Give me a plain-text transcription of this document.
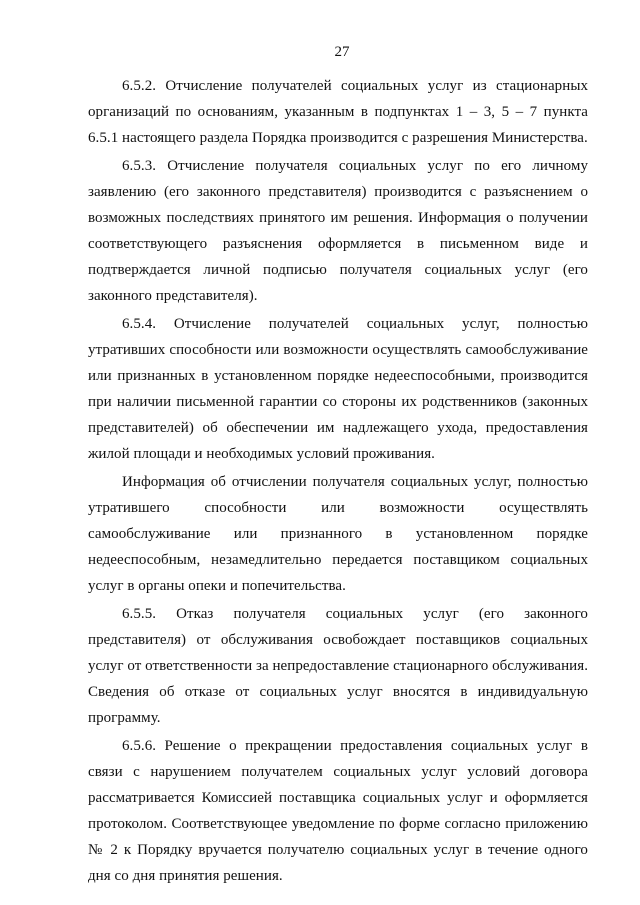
27

6.5.2. Отчисление получателей социальных услуг из стационарных организаций по основаниям, указанным в подпунктах 1 – 3, 5 – 7 пункта 6.5.1 настоящего раздела Порядка производится с разрешения Министерства.

6.5.3. Отчисление получателя социальных услуг по его личному заявлению (его законного представителя) производится с разъяснением о возможных последствиях принятого им решения. Информация о получении соответствующего разъяснения оформляется в письменном виде и подтверждается личной подписью получателя социальных услуг (его законного представителя).

6.5.4. Отчисление получателей социальных услуг, полностью утративших способности или возможности осуществлять самообслуживание или признанных в установленном порядке недееспособными, производится при наличии письменной гарантии со стороны их родственников (законных представителей) об обеспечении им надлежащего ухода, предоставления жилой площади и необходимых условий проживания.

Информация об отчислении получателя социальных услуг, полностью утратившего способности или возможности осуществлять самообслуживание или признанного в установленном порядке недееспособным, незамедлительно передается поставщиком социальных услуг в органы опеки и попечительства.

6.5.5. Отказ получателя социальных услуг (его законного представителя) от обслуживания освобождает поставщиков социальных услуг от ответственности за непредоставление стационарного обслуживания. Сведения об отказе от социальных услуг вносятся в индивидуальную программу.

6.5.6. Решение о прекращении предоставления социальных услуг в связи с нарушением получателем социальных услуг условий договора рассматривается Комиссией поставщика социальных услуг и оформляется протоколом. Соответствующее уведомление по форме согласно приложению № 2 к Порядку вручается получателю социальных услуг в течение одного дня со дня принятия решения.
